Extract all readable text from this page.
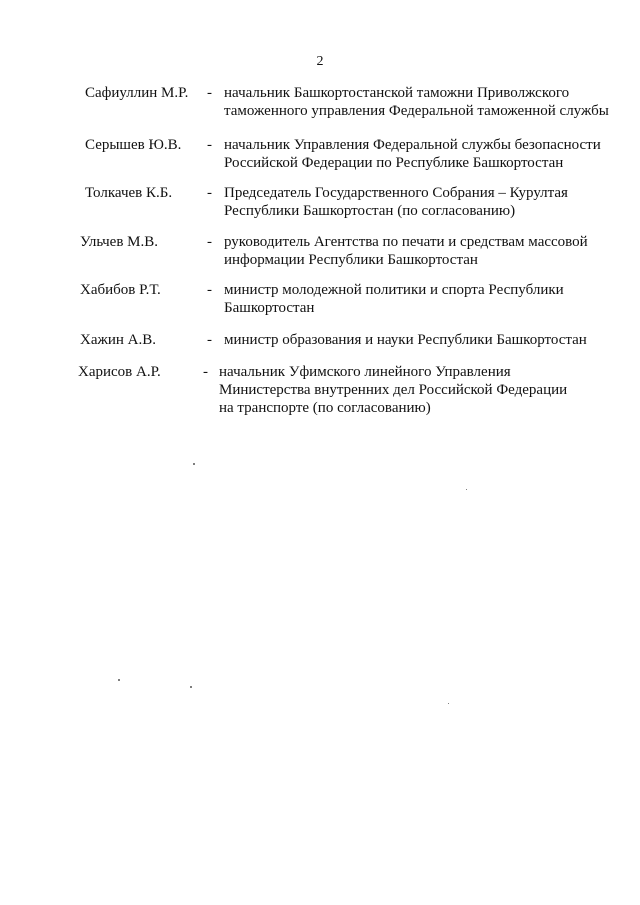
2
Сафиуллин М.Р. - начальник Башкортостанской таможни Приволжского
таможенного управления Федеральной таможенной службы
Серышев Ю.В. - начальник Управления Федеральной службы безопасности
Российской Федерации по Республике Башкортостан
Толкачев К.Б. - Председатель Государственного Собрания – Курултая
Республики Башкортостан (по согласованию)
Ульчев М.В.	- руководитель Агентства по печати и средствам массовой
информации Республики Башкортостан
Хабибов Р.Т.	- министр молодежной политики и спорта Республики
Башкортостан
Хажин А.В.	- министр образования и науки Республики Башкортостан
Харисов А.Р.	- начальник Уфимского линейного Управления
Министерства внутренних дел Российской Федерации
на транспорте (по согласованию)
